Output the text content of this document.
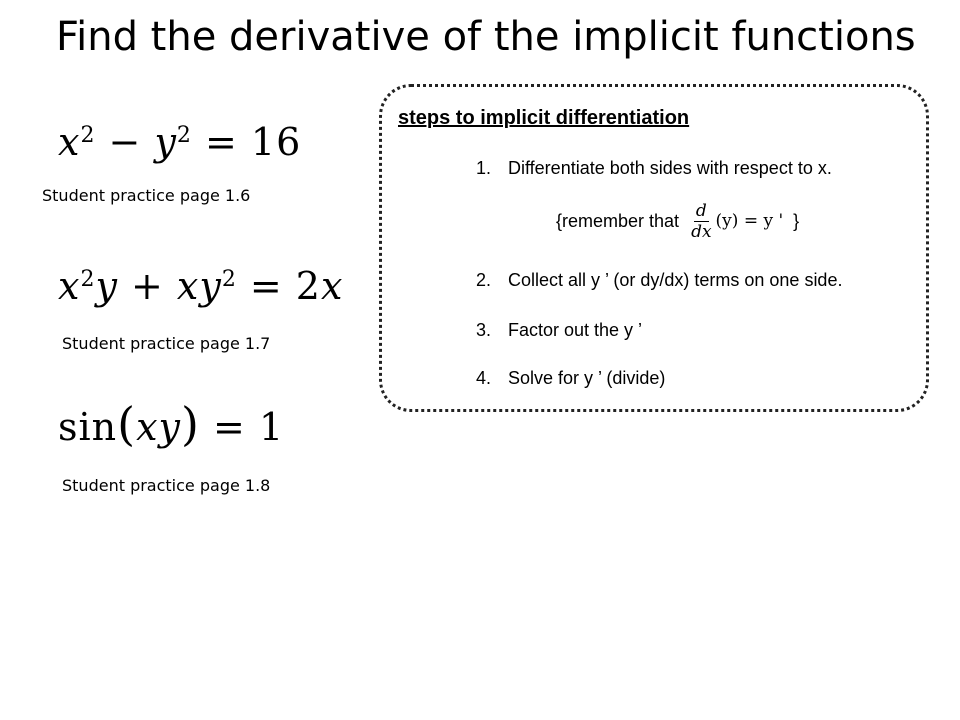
Find the derivative of the implicit functions
$x^2 - y^2 = 16$
Student practice page 1.6
$x^2y + xy^2 = 2x$
Student practice page 1.7
sin(xy) = 1
Student practice page 1.8
steps to implicit differentiation
1. Differentiate both sides with respect to x.
{remember that $\frac{d}{dx} (y) = y$ ' }
2. Collect all y ’ (or dy/dx) terms on one side.
3. Factor out the y ’
4. Solve for y ’ (divide)
